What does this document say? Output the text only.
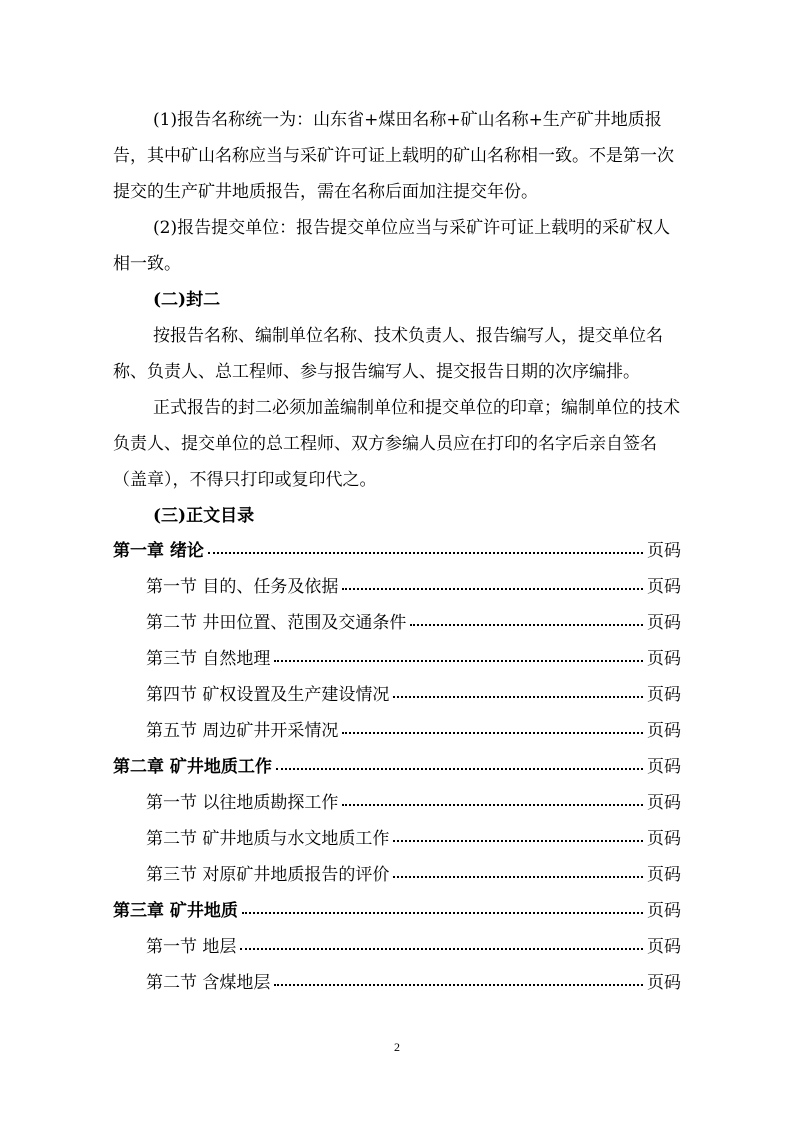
(1)报告名称统一为：山东省+煤田名称+矿山名称+生产矿井地质报告，其中矿山名称应当与采矿许可证上载明的矿山名称相一致。不是第一次提交的生产矿井地质报告，需在名称后面加注提交年份。

(2)报告提交单位：报告提交单位应当与采矿许可证上载明的采矿权人相一致。

(二)封二

按报告名称、编制单位名称、技术负责人、报告编写人，提交单位名称、负责人、总工程师、参与报告编写人、提交报告日期的次序编排。

正式报告的封二必须加盖编制单位和提交单位的印章；编制单位的技术负责人、提交单位的总工程师、双方参编人员应在打印的名字后亲自签名（盖章），不得只打印或复印代之。

(三)正文目录

第一章 绪论	页码
第一节 目的、任务及依据	页码
第二节 井田位置、范围及交通条件	页码
第三节 自然地理	页码
第四节 矿权设置及生产建设情况	页码
第五节 周边矿井开采情况	页码
第二章 矿井地质工作	页码
第一节 以往地质勘探工作	页码
第二节 矿井地质与水文地质工作	页码
第三节 对原矿井地质报告的评价	页码
第三章 矿井地质	页码
第一节 地层	页码
第二节 含煤地层	页码
2
